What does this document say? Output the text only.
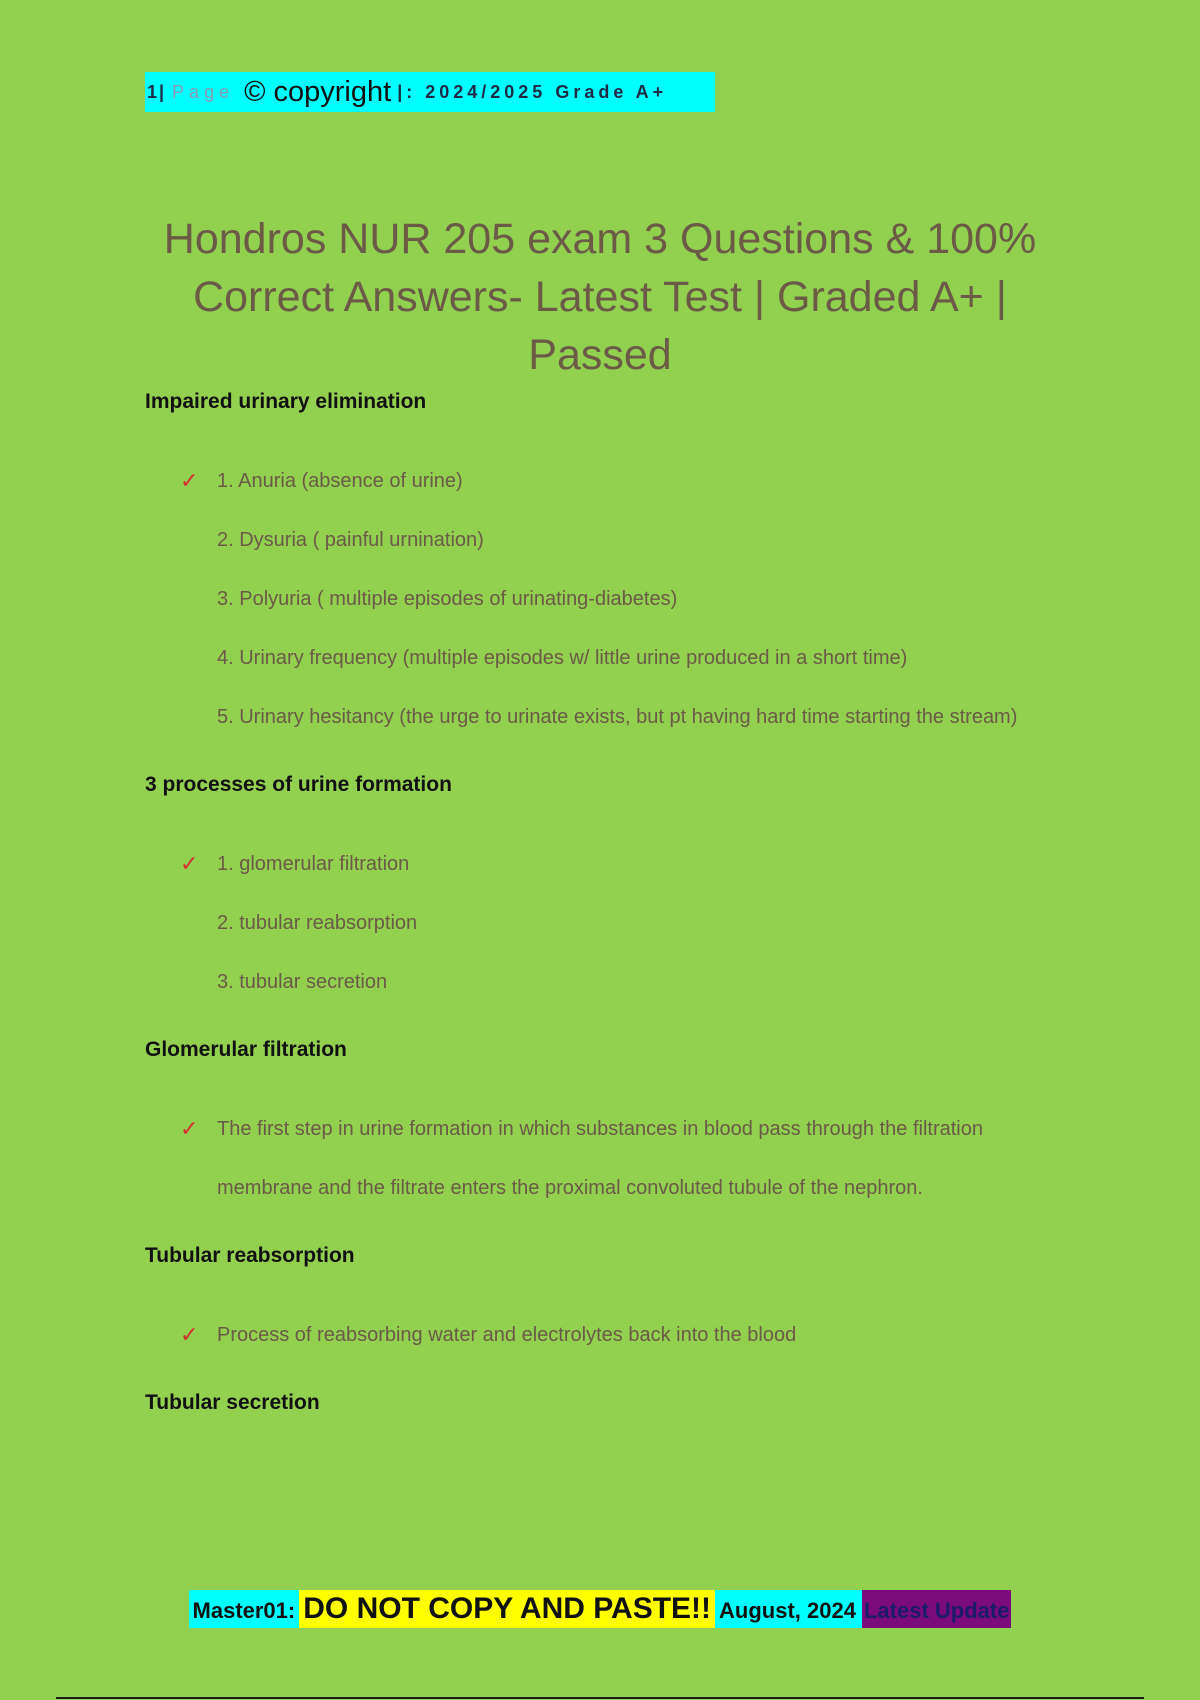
1| Page © copyright |: 2024/2025 Grade A+
Hondros NUR 205 exam 3 Questions & 100% Correct Answers- Latest Test | Graded A+ | Passed
Impaired urinary elimination
✓ 1. Anuria (absence of urine)
2. Dysuria ( painful urnination)
3. Polyuria ( multiple episodes of urinating-diabetes)
4. Urinary frequency (multiple episodes w/ little urine produced in a short time)
5. Urinary hesitancy (the urge to urinate exists, but pt having hard time starting the stream)
3 processes of urine formation
✓ 1. glomerular filtration
2. tubular reabsorption
3. tubular secretion
Glomerular filtration
✓ The first step in urine formation in which substances in blood pass through the filtration membrane and the filtrate enters the proximal convoluted tubule of the nephron.
Tubular reabsorption
✓ Process of reabsorbing water and electrolytes back into the blood
Tubular secretion
Master01: DO NOT COPY AND PASTE!! August, 2024 Latest Update
